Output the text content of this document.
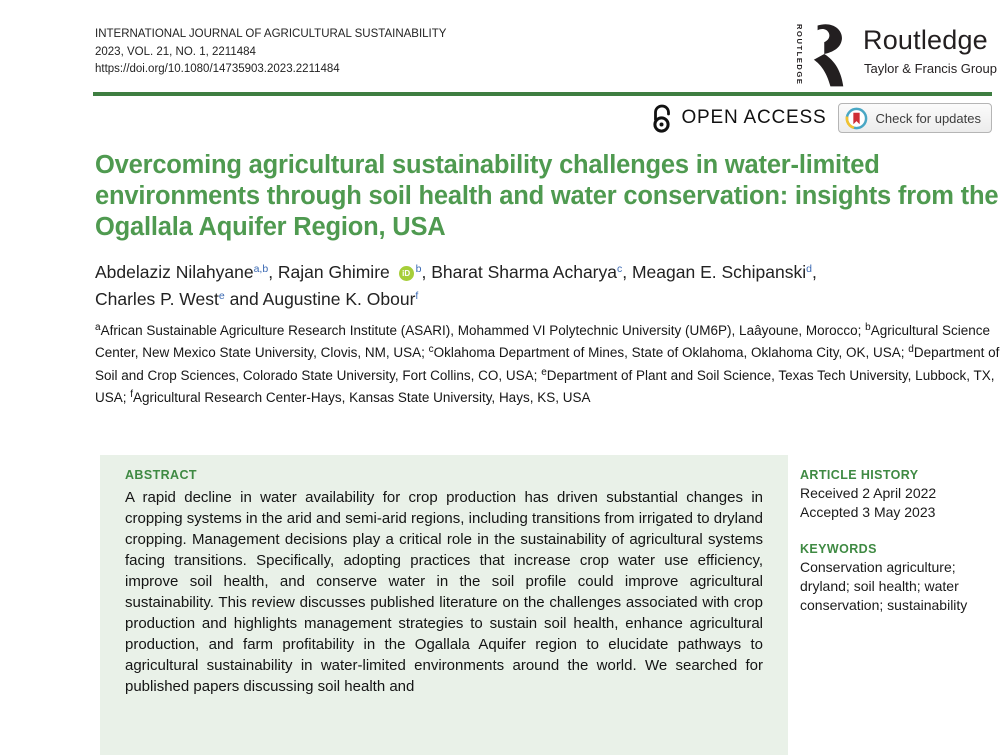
INTERNATIONAL JOURNAL OF AGRICULTURAL SUSTAINABILITY
2023, VOL. 21, NO. 1, 2211484
https://doi.org/10.1080/14735903.2023.2211484	ROUTLEDGE Routledge
Taylor & Francis Group
OPEN ACCESS	Check for updates
Overcoming agricultural sustainability challenges in water-limited environments through soil health and water conservation: insights from the Ogallala Aquifer Region, USA
Abdelaziz Nilahyane$^{a,b}$, Rajan Ghimire iD $^b$, Bharat Sharma Acharya$^c$, Meagan E. Schipanski$^d$,
Charles P. West$^e$ and Augustine K. Obour$^f$

$^a$African Sustainable Agriculture Research Institute (ASARI), Mohammed VI Polytechnic University (UM6P), Laâyoune, Morocco; $^b$Agricultural Science Center, New Mexico State University, Clovis, NM, USA; $^c$Oklahoma Department of Mines, State of Oklahoma, Oklahoma City, OK, USA; $^d$Department of Soil and Crop Sciences, Colorado State University, Fort Collins, CO, USA; $^e$Department of Plant and Soil Science, Texas Tech University, Lubbock, TX, USA; $^f$Agricultural Research Center-Hays, Kansas State University, Hays, KS, USA

ABSTRACT

A rapid decline in water availability for crop production has driven substantial changes in cropping systems in the arid and semi-arid regions, including transitions from irrigated to dryland cropping. Management decisions play a critical role in the sustainability of agricultural systems facing transitions. Specifically, adopting practices that increase crop water use efficiency, improve soil health, and conserve water in the soil profile could improve agricultural sustainability. This review discusses published literature on the challenges associated with crop production and highlights management strategies to sustain soil health, enhance agricultural production, and farm profitability in the Ogallala Aquifer region to elucidate pathways to agricultural sustainability in water-limited environments around the world. We searched for published papers discussing soil health and

ARTICLE HISTORY
Received 2 April 2022
Accepted 3 May 2023
KEYWORDS
Conservation agriculture; dryland; soil health; water conservation; sustainability
